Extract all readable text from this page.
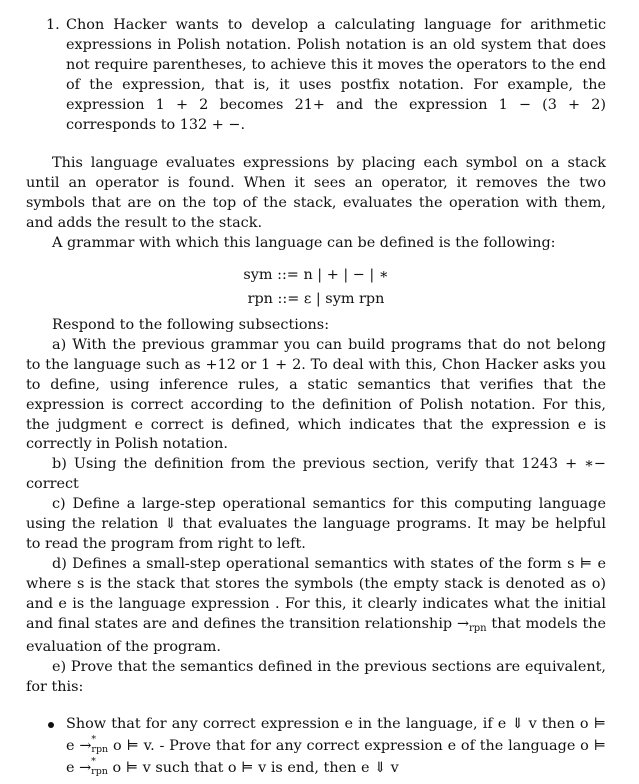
1. Chon Hacker wants to develop a calculating language for arithmetic expressions in Polish notation. Polish notation is an old system that does not require parentheses, to achieve this it moves the operators to the end of the expression, that is, it uses postfix notation. For example, the expression 1 + 2 becomes 21+ and the expression 1 − (3 + 2) corresponds to 132 + −.

This language evaluates expressions by placing each symbol on a stack until an operator is found. When it sees an operator, it removes the two symbols that are on the top of the stack, evaluates the operation with them, and adds the result to the stack.

A grammar with which this language can be defined is the following:

sym ::= n | + | − | ∗
rpn ::= ε | sym rpn

Respond to the following subsections:

a) With the previous grammar you can build programs that do not belong to the language such as +12 or 1 + 2. To deal with this, Chon Hacker asks you to define, using inference rules, a static semantics that verifies that the expression is correct according to the definition of Polish notation. For this, the judgment e correct is defined, which indicates that the expression e is correctly in Polish notation.

b) Using the definition from the previous section, verify that 1243 + ∗− correct

c) Define a large-step operational semantics for this computing language using the relation ⇓ that evaluates the language programs. It may be helpful to read the program from right to left.

d) Defines a small-step operational semantics with states of the form s ⊨ e where s is the stack that stores the symbols (the empty stack is denoted as o) and e is the language expression . For this, it clearly indicates what the initial and final states are and defines the transition relationship $\to_{rpn}$ that models the evaluation of the program.

e) Prove that the semantics defined in the previous sections are equivalent, for this:

Show that for any correct expression e in the language, if e ⇓ v then o ⊨ e → *
rpn o ⊨ v. - Prove that for any correct expression e of the language o ⊨ e → *
rpn o ⊨ v such that o ⊨ v is end, then e ⇓ v
